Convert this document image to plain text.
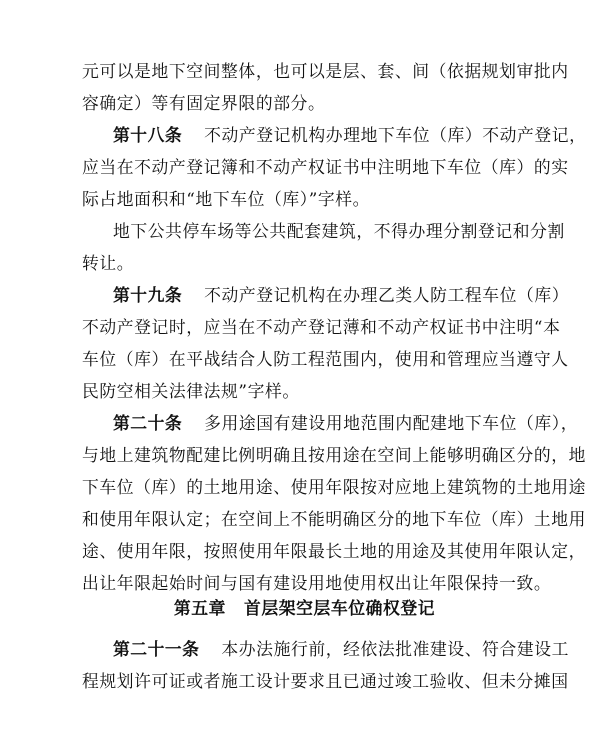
元可以是地下空间整体，也可以是层、套、间（依据规划审批内
容确定）等有固定界限的部分。
第十八条 不动产登记机构办理地下车位（库）不动产登记，
应当在不动产登记簿和不动产权证书中注明地下车位（库）的实
际占地面积和“地下车位（库）”字样。
地下公共停车场等公共配套建筑，不得办理分割登记和分割
转让。
第十九条 不动产登记机构在办理乙类人防工程车位（库）
不动产登记时，应当在不动产登记薄和不动产权证书中注明“本
车位（库）在平战结合人防工程范围内，使用和管理应当遵守人
民防空相关法律法规”字样。
第二十条 多用途国有建设用地范围内配建地下车位（库），
与地上建筑物配建比例明确且按用途在空间上能够明确区分的，地
下车位（库）的土地用途、使用年限按对应地上建筑物的土地用途
和使用年限认定；在空间上不能明确区分的地下车位（库）土地用
途、使用年限，按照使用年限最长土地的用途及其使用年限认定，
出让年限起始时间与国有建设用地使用权出让年限保持一致。
第五章 首层架空层车位确权登记
第二十一条 本办法施行前，经依法批准建设、符合建设工
程规划许可证或者施工设计要求且已通过竣工验收、但未分摊国
